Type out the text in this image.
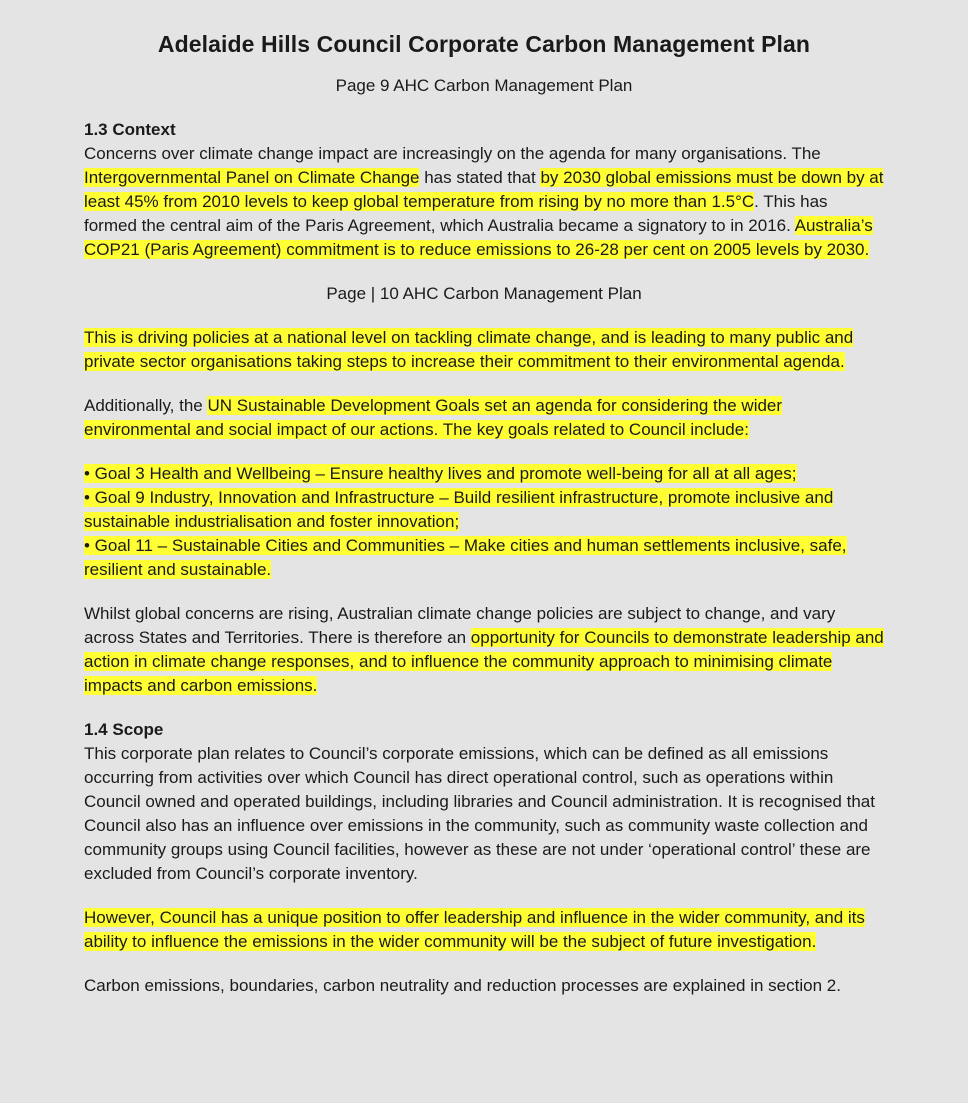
Adelaide Hills Council Corporate Carbon Management Plan
Page 9 AHC Carbon Management Plan
1.3 Context

Concerns over climate change impact are increasingly on the agenda for many organisations. The Intergovernmental Panel on Climate Change has stated that by 2030 global emissions must be down by at least 45% from 2010 levels to keep global temperature from rising by no more than 1.5°C. This has formed the central aim of the Paris Agreement, which Australia became a signatory to in 2016. Australia’s COP21 (Paris Agreement) commitment is to reduce emissions to 26-28 per cent on 2005 levels by 2030.

Page | 10 AHC Carbon Management Plan

This is driving policies at a national level on tackling climate change, and is leading to many public and private sector organisations taking steps to increase their commitment to their environmental agenda.

Additionally, the UN Sustainable Development Goals set an agenda for considering the wider environmental and social impact of our actions. The key goals related to Council include:

• Goal 3 Health and Wellbeing – Ensure healthy lives and promote well-being for all at all ages;
• Goal 9 Industry, Innovation and Infrastructure – Build resilient infrastructure, promote inclusive and sustainable industrialisation and foster innovation;
• Goal 11 – Sustainable Cities and Communities – Make cities and human settlements inclusive, safe, resilient and sustainable.

Whilst global concerns are rising, Australian climate change policies are subject to change, and vary across States and Territories. There is therefore an opportunity for Councils to demonstrate leadership and action in climate change responses, and to influence the community approach to minimising climate impacts and carbon emissions.

1.4 Scope

This corporate plan relates to Council’s corporate emissions, which can be defined as all emissions occurring from activities over which Council has direct operational control, such as operations within Council owned and operated buildings, including libraries and Council administration. It is recognised that Council also has an influence over emissions in the community, such as community waste collection and community groups using Council facilities, however as these are not under ‘operational control’ these are excluded from Council’s corporate inventory.

However, Council has a unique position to offer leadership and influence in the wider community, and its ability to influence the emissions in the wider community will be the subject of future investigation.

Carbon emissions, boundaries, carbon neutrality and reduction processes are explained in section 2.
